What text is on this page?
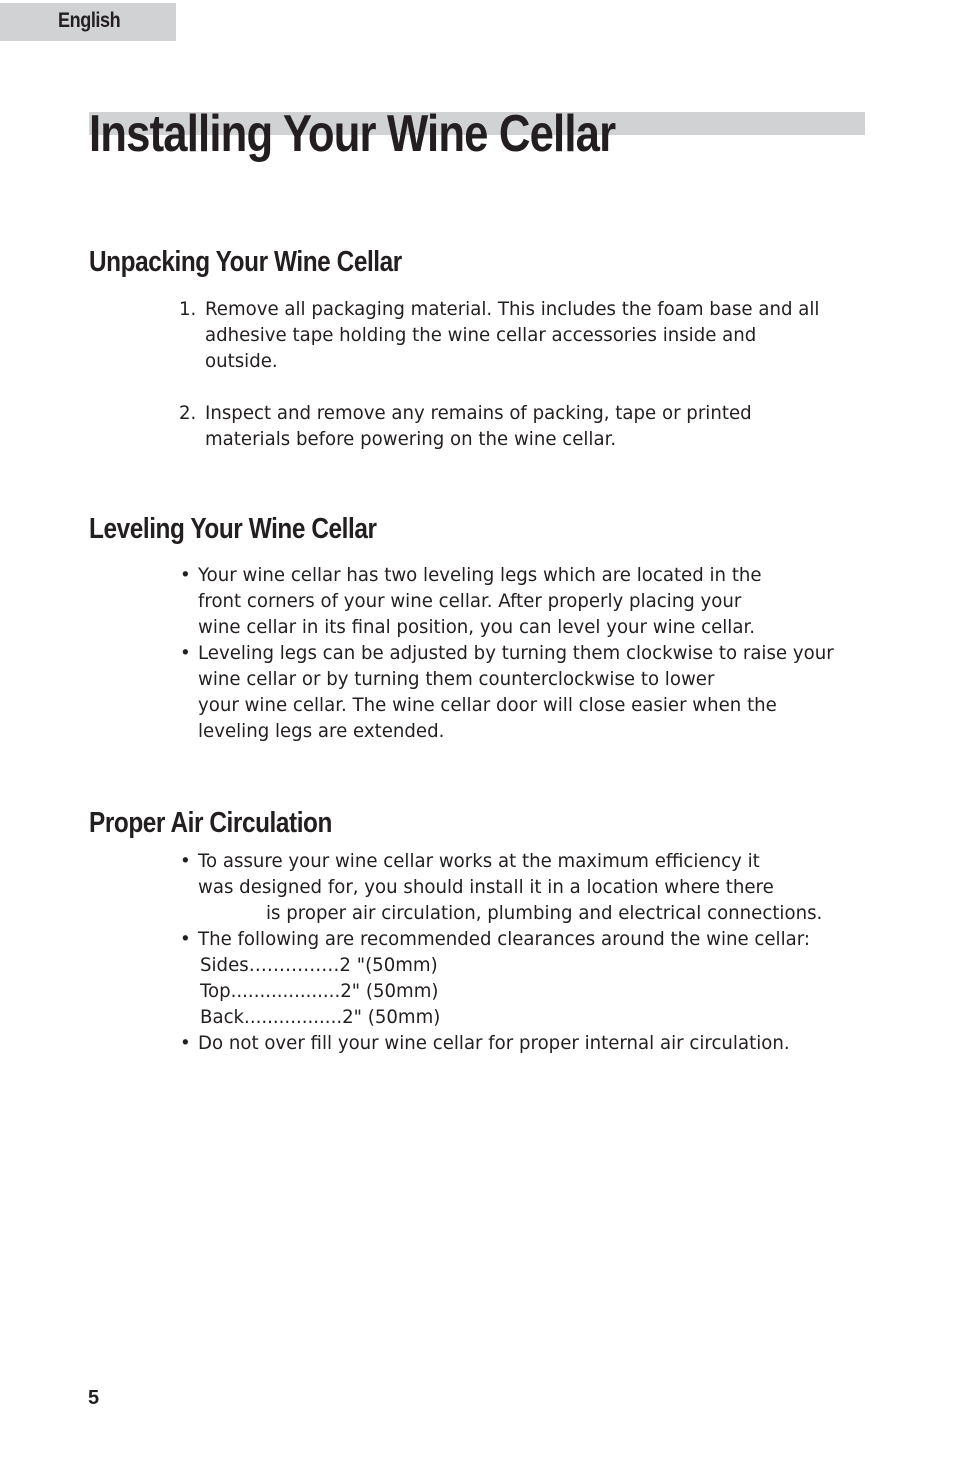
English
Installing Your Wine Cellar
Unpacking Your Wine Cellar
1. Remove all packaging material. This includes the foam base and all
adhesive tape holding the wine cellar accessories inside and
outside.
2. Inspect and remove any remains of packing, tape or printed
materials before powering on the wine cellar.
Leveling Your Wine Cellar
• Your wine cellar has two leveling legs which are located in the
front corners of your wine cellar. After properly placing your
wine cellar in its final position, you can level your wine cellar.
• Leveling legs can be adjusted by turning them clockwise to raise your
wine cellar or by turning them counterclockwise to lower
your wine cellar. The wine cellar door will close easier when the
leveling legs are extended.
Proper Air Circulation
• To assure your wine cellar works at the maximum efficiency it
was designed for, you should install it in a location where there
is proper air circulation, plumbing and electrical connections.
• The following are recommended clearances around the wine cellar:
Sides……………2 "(50mm)
Top...................2" (50mm)
Back.................2" (50mm)
• Do not over fill your wine cellar for proper internal air circulation.
5
